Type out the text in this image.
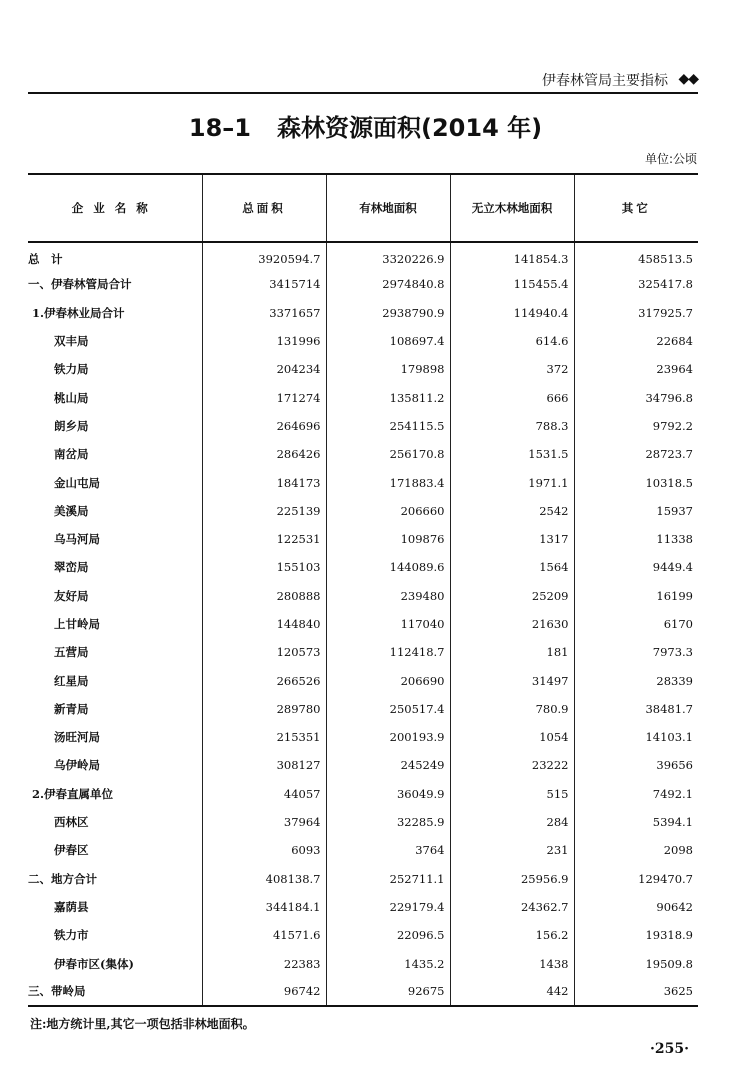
伊春林管局主要指标 ◆◆
18–1 森林资源面积(2014 年)
单位:公顷
企业名称	总面积	有林地面积	无立木林地面积	其它
总　计	3920594.7	3320226.9	141854.3	458513.5
一、伊春林管局合计	3415714	2974840.8	115455.4	325417.8
1.伊春林业局合计	3371657	2938790.9	114940.4	317925.7
双丰局	131996	108697.4	614.6	22684
铁力局	204234	179898	372	23964
桃山局	171274	135811.2	666	34796.8
朗乡局	264696	254115.5	788.3	9792.2
南岔局	286426	256170.8	1531.5	28723.7
金山屯局	184173	171883.4	1971.1	10318.5
美溪局	225139	206660	2542	15937
乌马河局	122531	109876	1317	11338
翠峦局	155103	144089.6	1564	9449.4
友好局	280888	239480	25209	16199
上甘岭局	144840	117040	21630	6170
五营局	120573	112418.7	181	7973.3
红星局	266526	206690	31497	28339
新青局	289780	250517.4	780.9	38481.7
汤旺河局	215351	200193.9	1054	14103.1
乌伊岭局	308127	245249	23222	39656
2.伊春直属单位	44057	36049.9	515	7492.1
西林区	37964	32285.9	284	5394.1
伊春区	6093	3764	231	2098
二、地方合计	408138.7	252711.1	25956.9	129470.7
嘉荫县	344184.1	229179.4	24362.7	90642
铁力市	41571.6	22096.5	156.2	19318.9
伊春市区(集体)	22383	1435.2	1438	19509.8
三、带岭局	96742	92675	442	3625
注:地方统计里,其它一项包括非林地面积。
·255·
